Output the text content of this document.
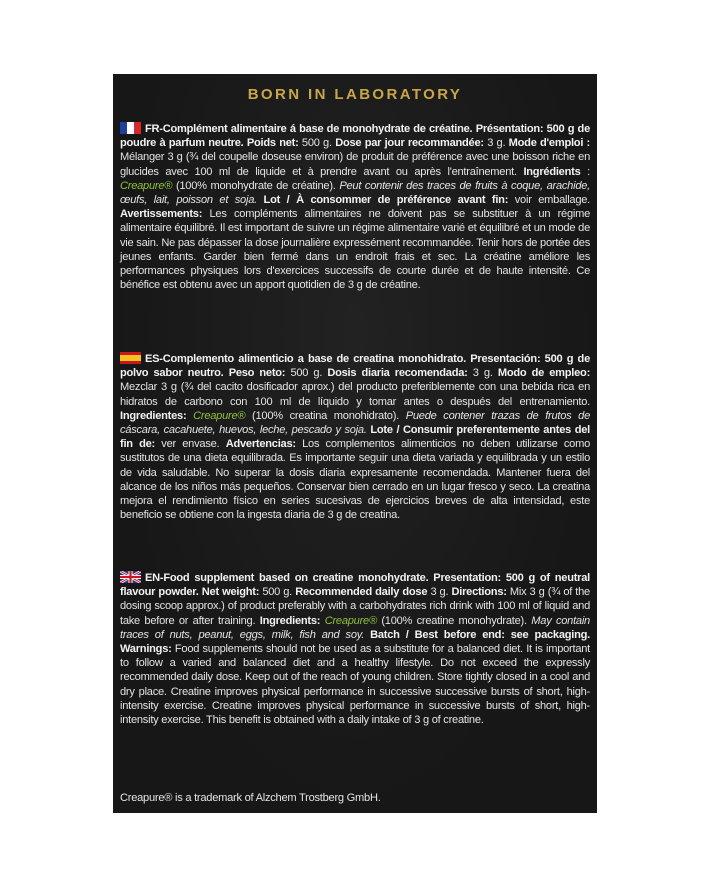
BORN IN LABORATORY
FR-Complément alimentaire á base de monohydrate de créatine. Présentation: 500 g de poudre à parfum neutre. Poids net: 500 g. Dose par jour recommandée: 3 g. Mode d'emploi : Mélanger 3 g (¾ del coupelle doseuse environ) de produit de préférence avec une boisson riche en glucides avec 100 ml de liquide et à prendre avant ou après l'entraînement. Ingrédients : Creapure® (100% monohydrate de créatine). Peut contenir des traces de fruits à coque, arachide, œufs, lait, poisson et soja. Lot / À consommer de préférence avant fin: voir emballage. Avertissements: Les compléments alimentaires ne doivent pas se substituer à un régime alimentaire équilibré. Il est important de suivre un régime alimentaire varié et équilibré et un mode de vie sain. Ne pas dépasser la dose journalière expressément recommandée. Tenir hors de portée des jeunes enfants. Garder bien fermé dans un endroit frais et sec. La créatine améliore les performances physiques lors d'exercices successifs de courte durée et de haute intensité. Ce bénéfice est obtenu avec un apport quotidien de 3 g de créatine.
ES-Complemento alimenticio a base de creatina monohidrato. Presentación: 500 g de polvo sabor neutro. Peso neto: 500 g. Dosis diaria recomendada: 3 g. Modo de empleo: Mezclar 3 g (¾ del cacito dosificador aprox.) del producto preferiblemente con una bebida rica en hidratos de carbono con 100 ml de líquido y tomar antes o después del entrenamiento. Ingredientes: Creapure® (100% creatina monohidrato). Puede contener trazas de frutos de cáscara, cacahuete, huevos, leche, pescado y soja. Lote / Consumir preferentemente antes del fin de: ver envase. Advertencias: Los complementos alimenticios no deben utilizarse como sustitutos de una dieta equilibrada. Es importante seguir una dieta variada y equilibrada y un estilo de vida saludable. No superar la dosis diaria expresamente recomendada. Mantener fuera del alcance de los niños más pequeños. Conservar bien cerrado en un lugar fresco y seco. La creatina mejora el rendimiento físico en series sucesivas de ejercicios breves de alta intensidad, este beneficio se obtiene con la ingesta diaria de 3 g de creatina.
EN-Food supplement based on creatine monohydrate. Presentation: 500 g of neutral flavour powder. Net weight: 500 g. Recommended daily dose 3 g. Directions: Mix 3 g (¾ of the dosing scoop approx.) of product preferably with a carbohydrates rich drink with 100 ml of liquid and take before or after training. Ingredients: Creapure® (100% creatine monohydrate). May contain traces of nuts, peanut, eggs, milk, fish and soy. Batch / Best before end: see packaging. Warnings: Food supplements should not be used as a substitute for a balanced diet. It is important to follow a varied and balanced diet and a healthy lifestyle. Do not exceed the expressly recommended daily dose. Keep out of the reach of young children. Store tightly closed in a cool and dry place. Creatine improves physical performance in successive successive bursts of short, high-intensity exercise. Creatine improves physical performance in successive bursts of short, high-intensity exercise. This benefit is obtained with a daily intake of 3 g of creatine.
Creapure® is a trademark of Alzchem Trostberg GmbH.
